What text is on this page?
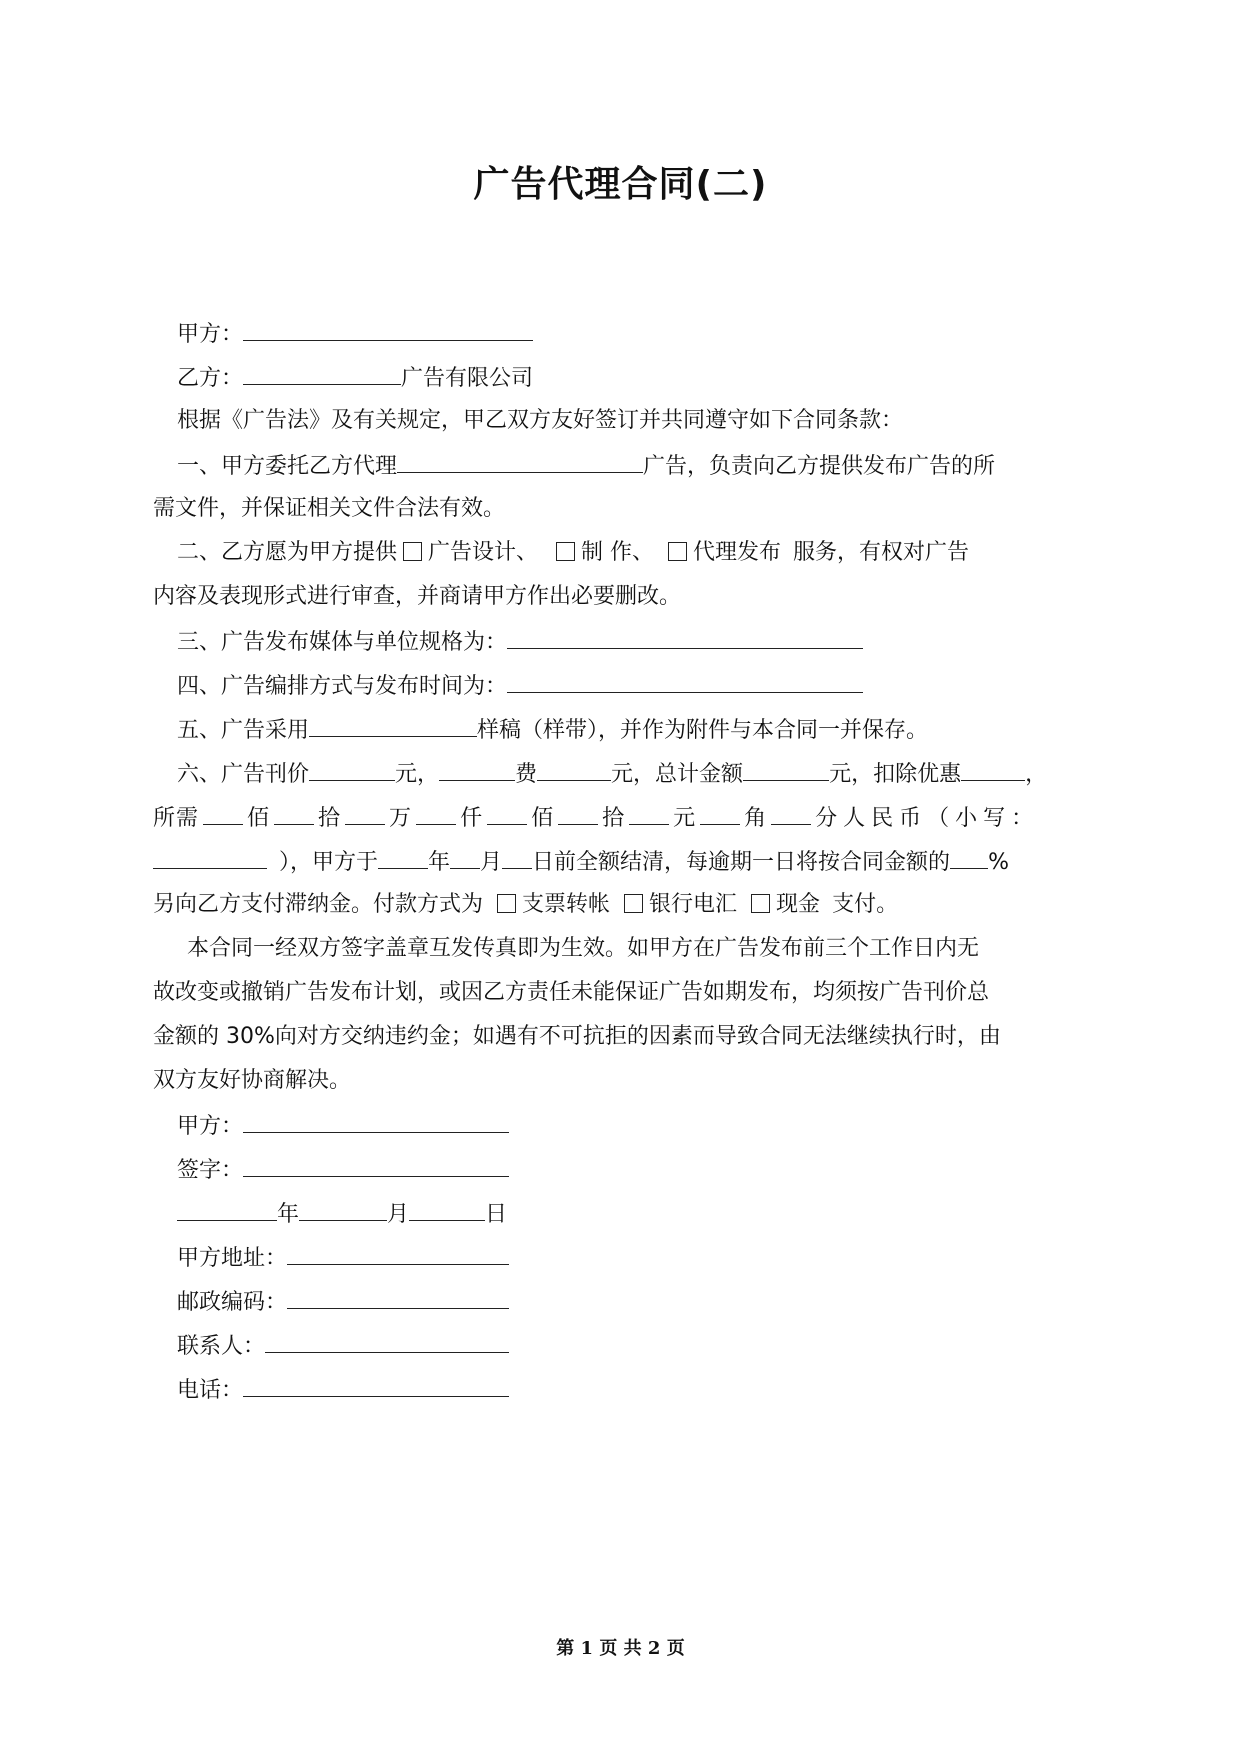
广告代理合同(二)
甲方：
乙方：	广告有限公司
根据《广告法》及有关规定，甲乙双方友好签订并共同遵守如下合同条款：
一、甲方委托乙方代理	广告，负责向乙方提供发布广告的所
需文件，并保证相关文件合法有效。
二、乙方愿为甲方提供 广告设计、 制 作、 代理发布 服务，有权对广告
内容及表现形式进行审查，并商请甲方作出必要删改。
三、广告发布媒体与单位规格为：
四、广告编排方式与发布时间为：
五、广告采用	样稿（样带），并作为附件与本合同一并保存。
六、广告刊价	元，	费	元，总计金额	元，扣除优惠	，
所需 佰 拾 万 仟 佰 拾 元 角 分人民币（小写：
），甲方于 年 月 日前全额结清，每逾期一日将按合同金额的 %
另向乙方支付滞纳金。付款方式为 支票转帐 银行电汇 现金 支付。
本合同一经双方签字盖章互发传真即为生效。如甲方在广告发布前三个工作日内无
故改变或撤销广告发布计划，或因乙方责任未能保证广告如期发布，均须按广告刊价总
金额的 30%向对方交纳违约金；如遇有不可抗拒的因素而导致合同无法继续执行时，由
双方友好协商解决。
甲方：
签字：
年	月	日
甲方地址：
邮政编码：
联系人：
电话：
第 1 页 共 2 页
